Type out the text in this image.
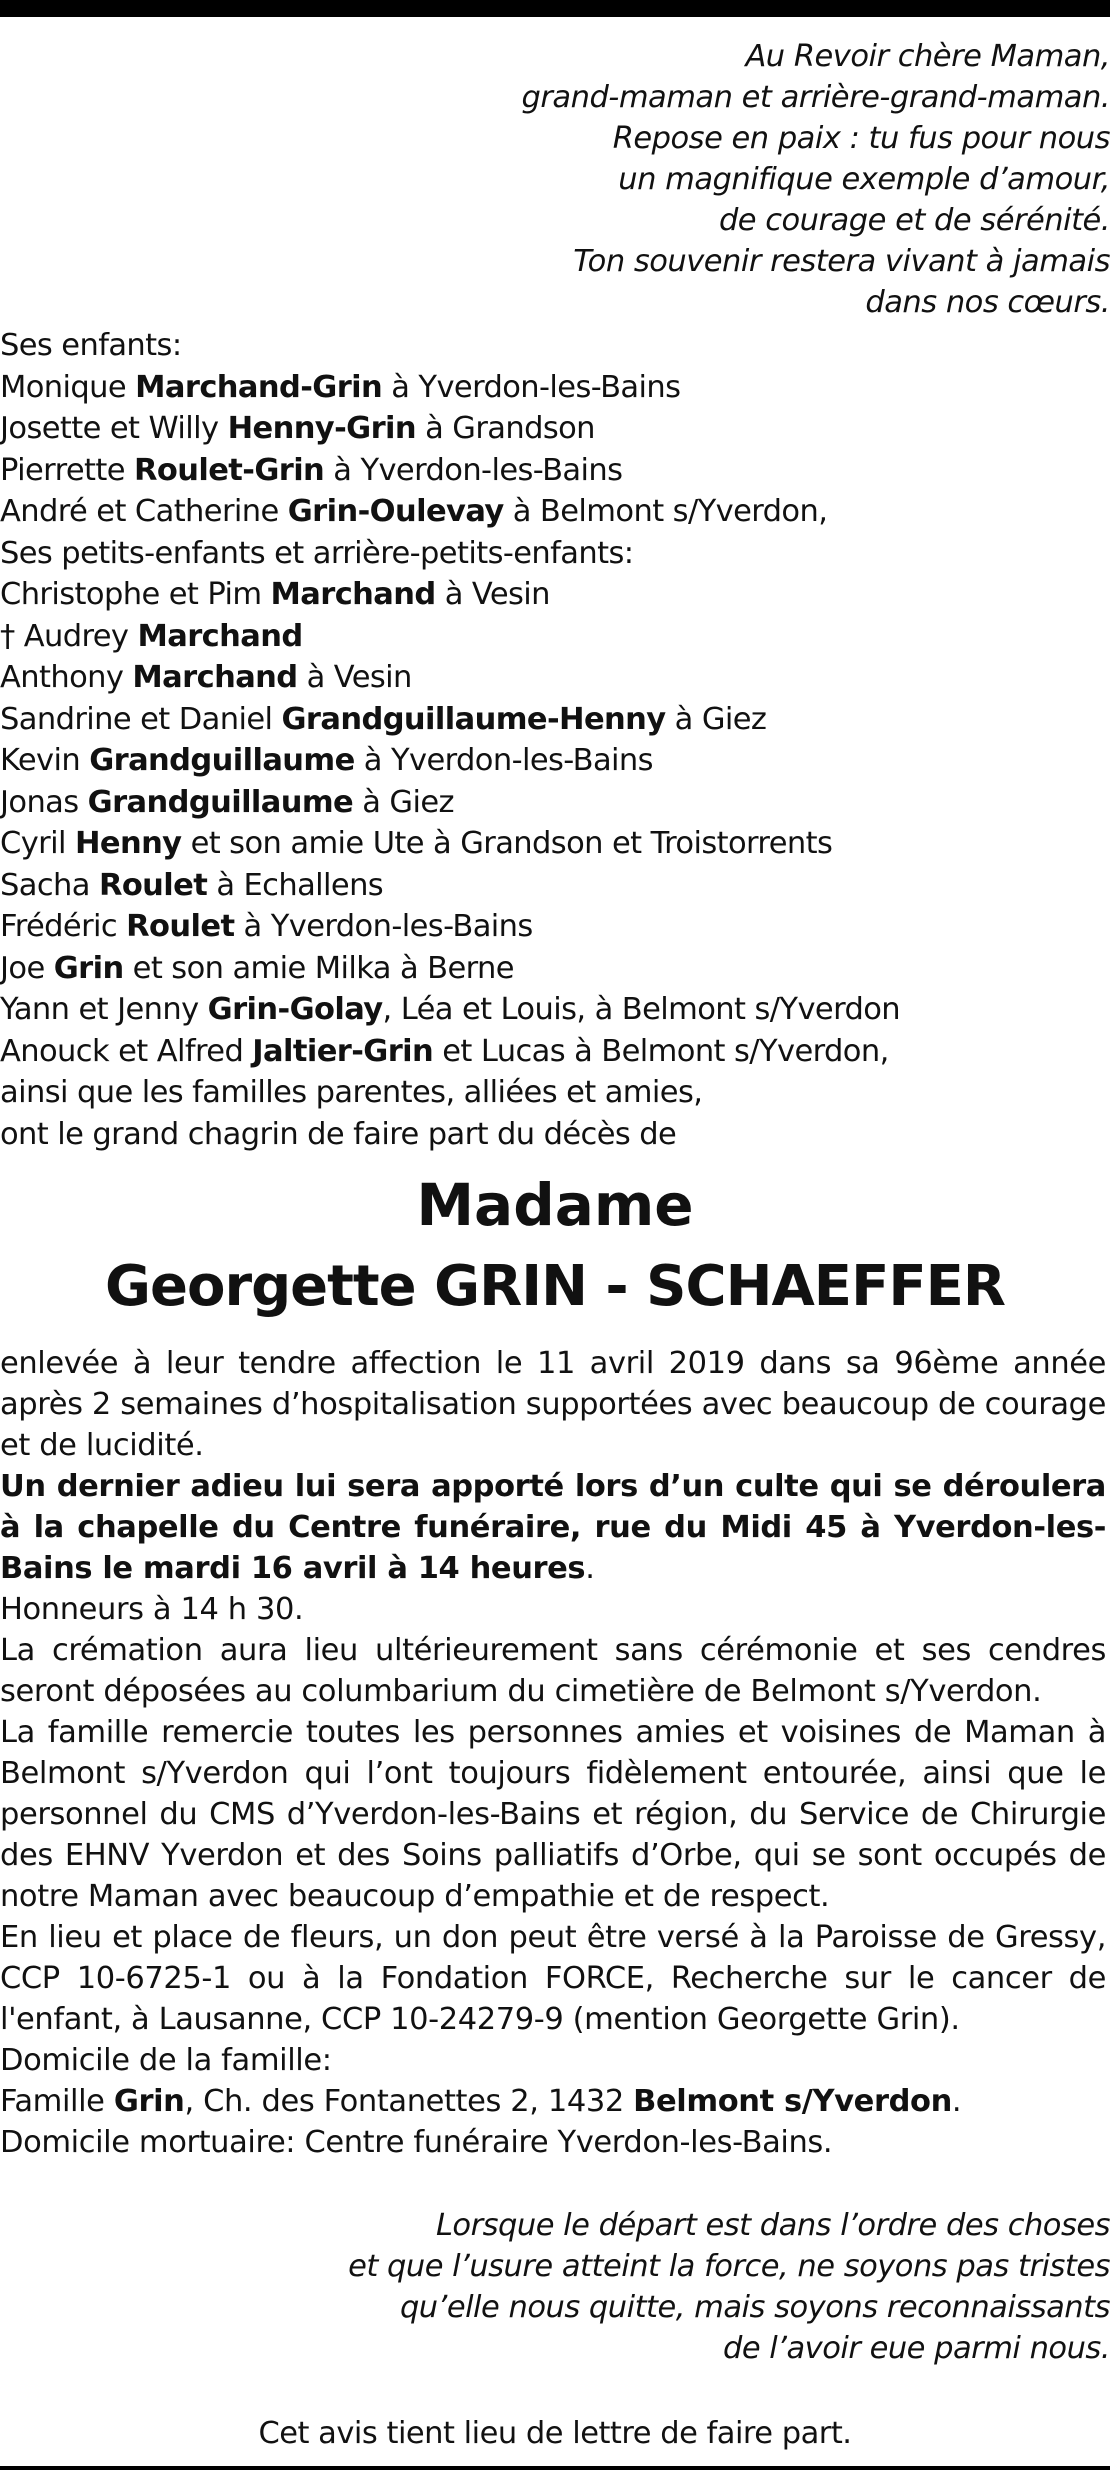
Au Revoir chère Maman,
grand-maman et arrière-grand-maman.
Repose en paix : tu fus pour nous
un magnifique exemple d’amour,
de courage et de sérénité.
Ton souvenir restera vivant à jamais
dans nos cœurs.
Ses enfants:
Monique Marchand-Grin à Yverdon-les-Bains
Josette et Willy Henny-Grin à Grandson
Pierrette Roulet-Grin à Yverdon-les-Bains
André et Catherine Grin-Oulevay à Belmont s/Yverdon,
Ses petits-enfants et arrière-petits-enfants:
Christophe et Pim Marchand à Vesin
† Audrey Marchand
Anthony Marchand à Vesin
Sandrine et Daniel Grandguillaume-Henny à Giez
Kevin Grandguillaume à Yverdon-les-Bains
Jonas Grandguillaume à Giez
Cyril Henny et son amie Ute à Grandson et Troistorrents
Sacha Roulet à Echallens
Frédéric Roulet à Yverdon-les-Bains
Joe Grin et son amie Milka à Berne
Yann et Jenny Grin-Golay, Léa et Louis, à Belmont s/Yverdon
Anouck et Alfred Jaltier-Grin et Lucas à Belmont s/Yverdon,
ainsi que les familles parentes, alliées et amies,
ont le grand chagrin de faire part du décès de
Madame
Georgette GRIN - SCHAEFFER

enlevée à leur tendre affection le 11 avril 2019 dans sa 96ème année après 2 semaines d’hospitalisation supportées avec beaucoup de courage et de lucidité.

Un dernier adieu lui sera apporté lors d’un culte qui se déroulera à la chapelle du Centre funéraire, rue du Midi 45 à Yverdon-les-Bains le mardi 16 avril à 14 heures.

Honneurs à 14 h 30.

La crémation aura lieu ultérieurement sans cérémonie et ses cendres seront déposées au columbarium du cimetière de Belmont s/Yverdon.

La famille remercie toutes les personnes amies et voisines de Maman à Belmont s/Yverdon qui l’ont toujours fidèlement entourée, ainsi que le personnel du CMS d’Yverdon-les-Bains et région, du Service de Chirurgie des EHNV Yverdon et des Soins palliatifs d’Orbe, qui se sont occupés de notre Maman avec beaucoup d’empathie et de respect.

En lieu et place de fleurs, un don peut être versé à la Paroisse de Gressy, CCP 10-6725-1 ou à la Fondation FORCE, Recherche sur le cancer de l'enfant, à Lausanne, CCP 10-24279-9 (mention Georgette Grin).

Domicile de la famille:

Famille Grin, Ch. des Fontanettes 2, 1432 Belmont s/Yverdon.

Domicile mortuaire: Centre funéraire Yverdon-les-Bains.

Lorsque le départ est dans l’ordre des choses
et que l’usure atteint la force, ne soyons pas tristes
qu’elle nous quitte, mais soyons reconnaissants
de l’avoir eue parmi nous.
Cet avis tient lieu de lettre de faire part.
